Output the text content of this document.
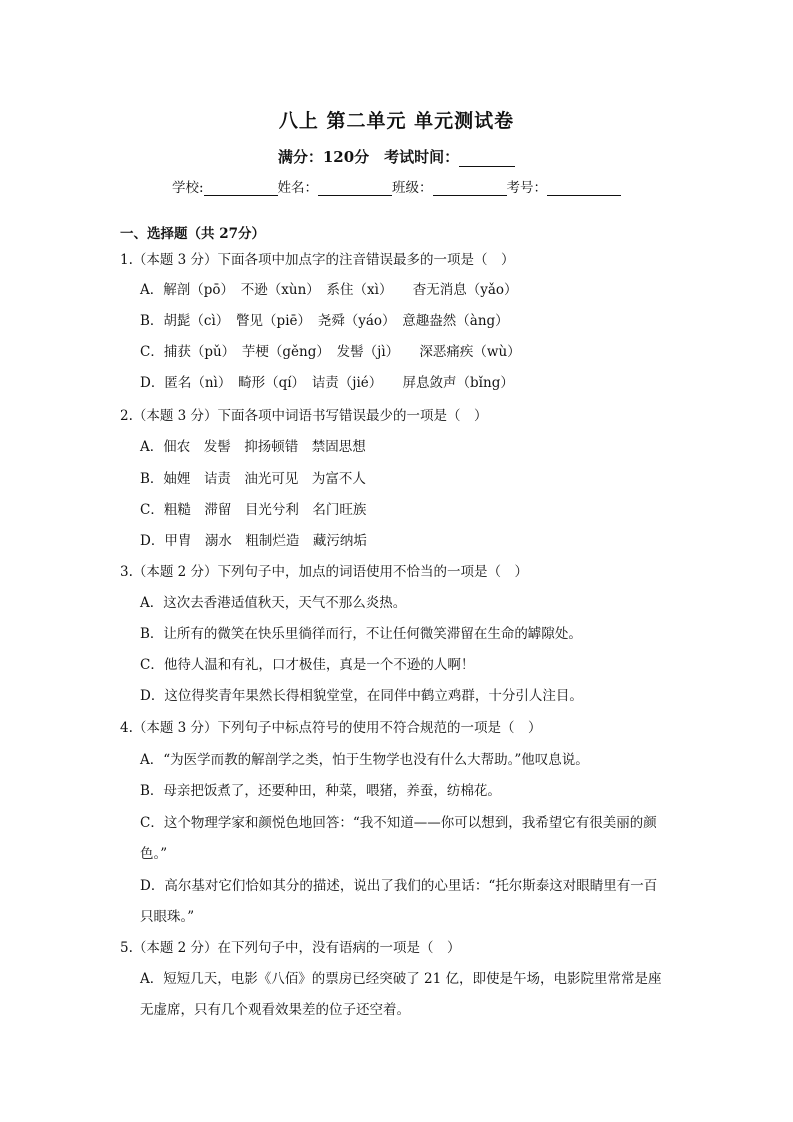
八上 第二单元 单元测试卷
满分：120分　考试时间：
学校:	姓名：	班级：	考号：
一、选择题（共 27分）
1.（本题 3 分）下面各项中加点字的注音错误最多的一项是（　）
A．解剖（pō）　不逊（xùn）　系住（xì）　　杳无消息（yǎo）
B．胡髭（cì）　瞥见（piē）　尧舜（yáo）　意趣盎然（àng）
C．捕获（pǔ）　芋梗（gěng）　发髻（jì）　　深恶痛疾（wù）
D．匿名（nì）　畸形（qí）　诘责（jié）　　屏息敛声（bǐng）
2.（本题 3 分）下面各项中词语书写错误最少的一项是（　）
A．佃农　发髻　抑扬顿错　禁固思想
B．妯娌　诘责　油光可见　为富不人
C．粗糙　滞留　目光兮利　名门旺族
D．甲胄　溺水　粗制烂造　藏污纳垢
3.（本题 2 分）下列句子中，加点的词语使用不恰当的一项是（　）
A．这次去香港适值秋天，天气不那么炎热。
B．让所有的微笑在快乐里徜徉而行，不让任何微笑滞留在生命的罅隙处。
C．他待人温和有礼，口才极佳，真是一个不逊的人啊！
D．这位得奖青年果然长得相貌堂堂，在同伴中鹤立鸡群，十分引人注目。
4.（本题 3 分）下列句子中标点符号的使用不符合规范的一项是（　）
A．“为医学而教的解剖学之类，怕于生物学也没有什么大帮助。”他叹息说。
B．母亲把饭煮了，还要种田，种菜，喂猪，养蚕，纺棉花。
C．这个物理学家和颜悦色地回答：“我不知道——你可以想到，我希望它有很美丽的颜
色。”
D．高尔基对它们恰如其分的描述，说出了我们的心里话：“托尔斯泰这对眼睛里有一百
只眼珠。”
5.（本题 2 分）在下列句子中，没有语病的一项是（　）
A．短短几天，电影《八佰》的票房已经突破了 21 亿，即使是午场，电影院里常常是座
无虚席，只有几个观看效果差的位子还空着。
